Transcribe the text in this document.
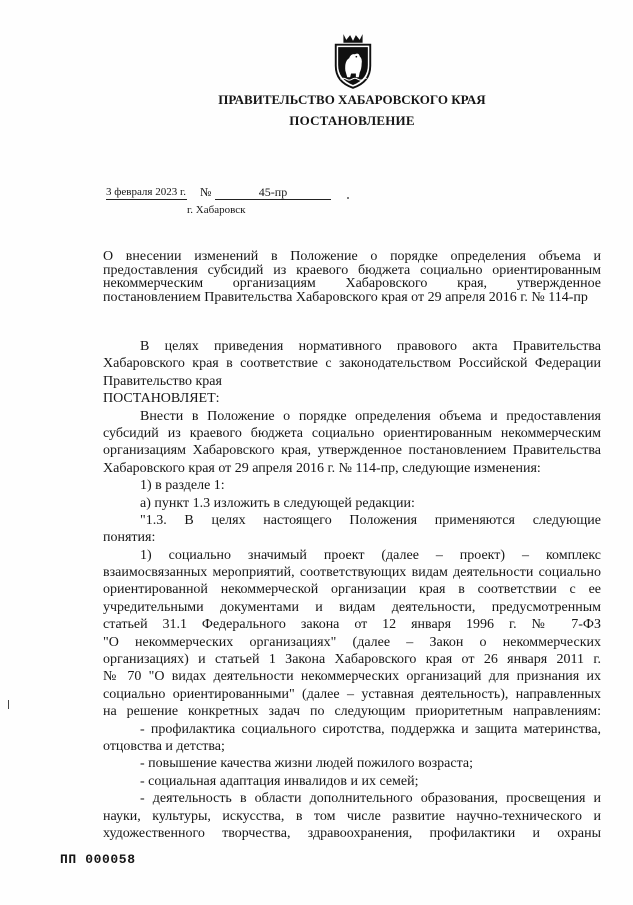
ПРАВИТЕЛЬСТВО ХАБАРОВСКОГО КРАЯ
ПОСТАНОВЛЕНИЕ
3 февраля 2023 г. №	45-пр
г. Хабаровск
О внесении изменений в Положение о порядке определения объема и
предоставления субсидий из краевого бюджета социально ориентированным
некоммерческим организациям Хабаровского края, утвержденное
постановлением Правительства Хабаровского края от 29 апреля 2016 г. № 114-пр
В целях приведения нормативного правового акта Правительства
Хабаровского края в соответствие с законодательством Российской Федерации
Правительство края
ПОСТАНОВЛЯЕТ:
Внести в Положение о порядке определения объема и предоставления
субсидий из краевого бюджета социально ориентированным некоммерческим
организациям Хабаровского края, утвержденное постановлением Правительства
Хабаровского края от 29 апреля 2016 г. № 114-пр, следующие изменения:
1) в разделе 1:
а) пункт 1.3 изложить в следующей редакции:
"1.3. В целях настоящего Положения применяются следующие
понятия:
1) социально значимый проект (далее – проект) – комплекс
взаимосвязанных мероприятий, соответствующих видам деятельности социально
ориентированной некоммерческой организации края в соответствии с ее
учредительными документами и видам деятельности, предусмотренным
статьей 31.1 Федерального закона от 12 января 1996 г. № 7-ФЗ
"О некоммерческих организациях" (далее – Закон о некоммерческих
организациях) и статьей 1 Закона Хабаровского края от 26 января 2011 г.
№ 70 "О видах деятельности некоммерческих организаций для признания их
социально ориентированными" (далее – уставная деятельность), направленных
на решение конкретных задач по следующим приоритетным направлениям:
- профилактика социального сиротства, поддержка и защита материнства,
отцовства и детства;
- повышение качества жизни людей пожилого возраста;
- социальная адаптация инвалидов и их семей;
- деятельность в области дополнительного образования, просвещения и
науки, культуры, искусства, в том числе развитие научно-технического и
художественного творчества, здравоохранения, профилактики и охраны
ПП 000058
